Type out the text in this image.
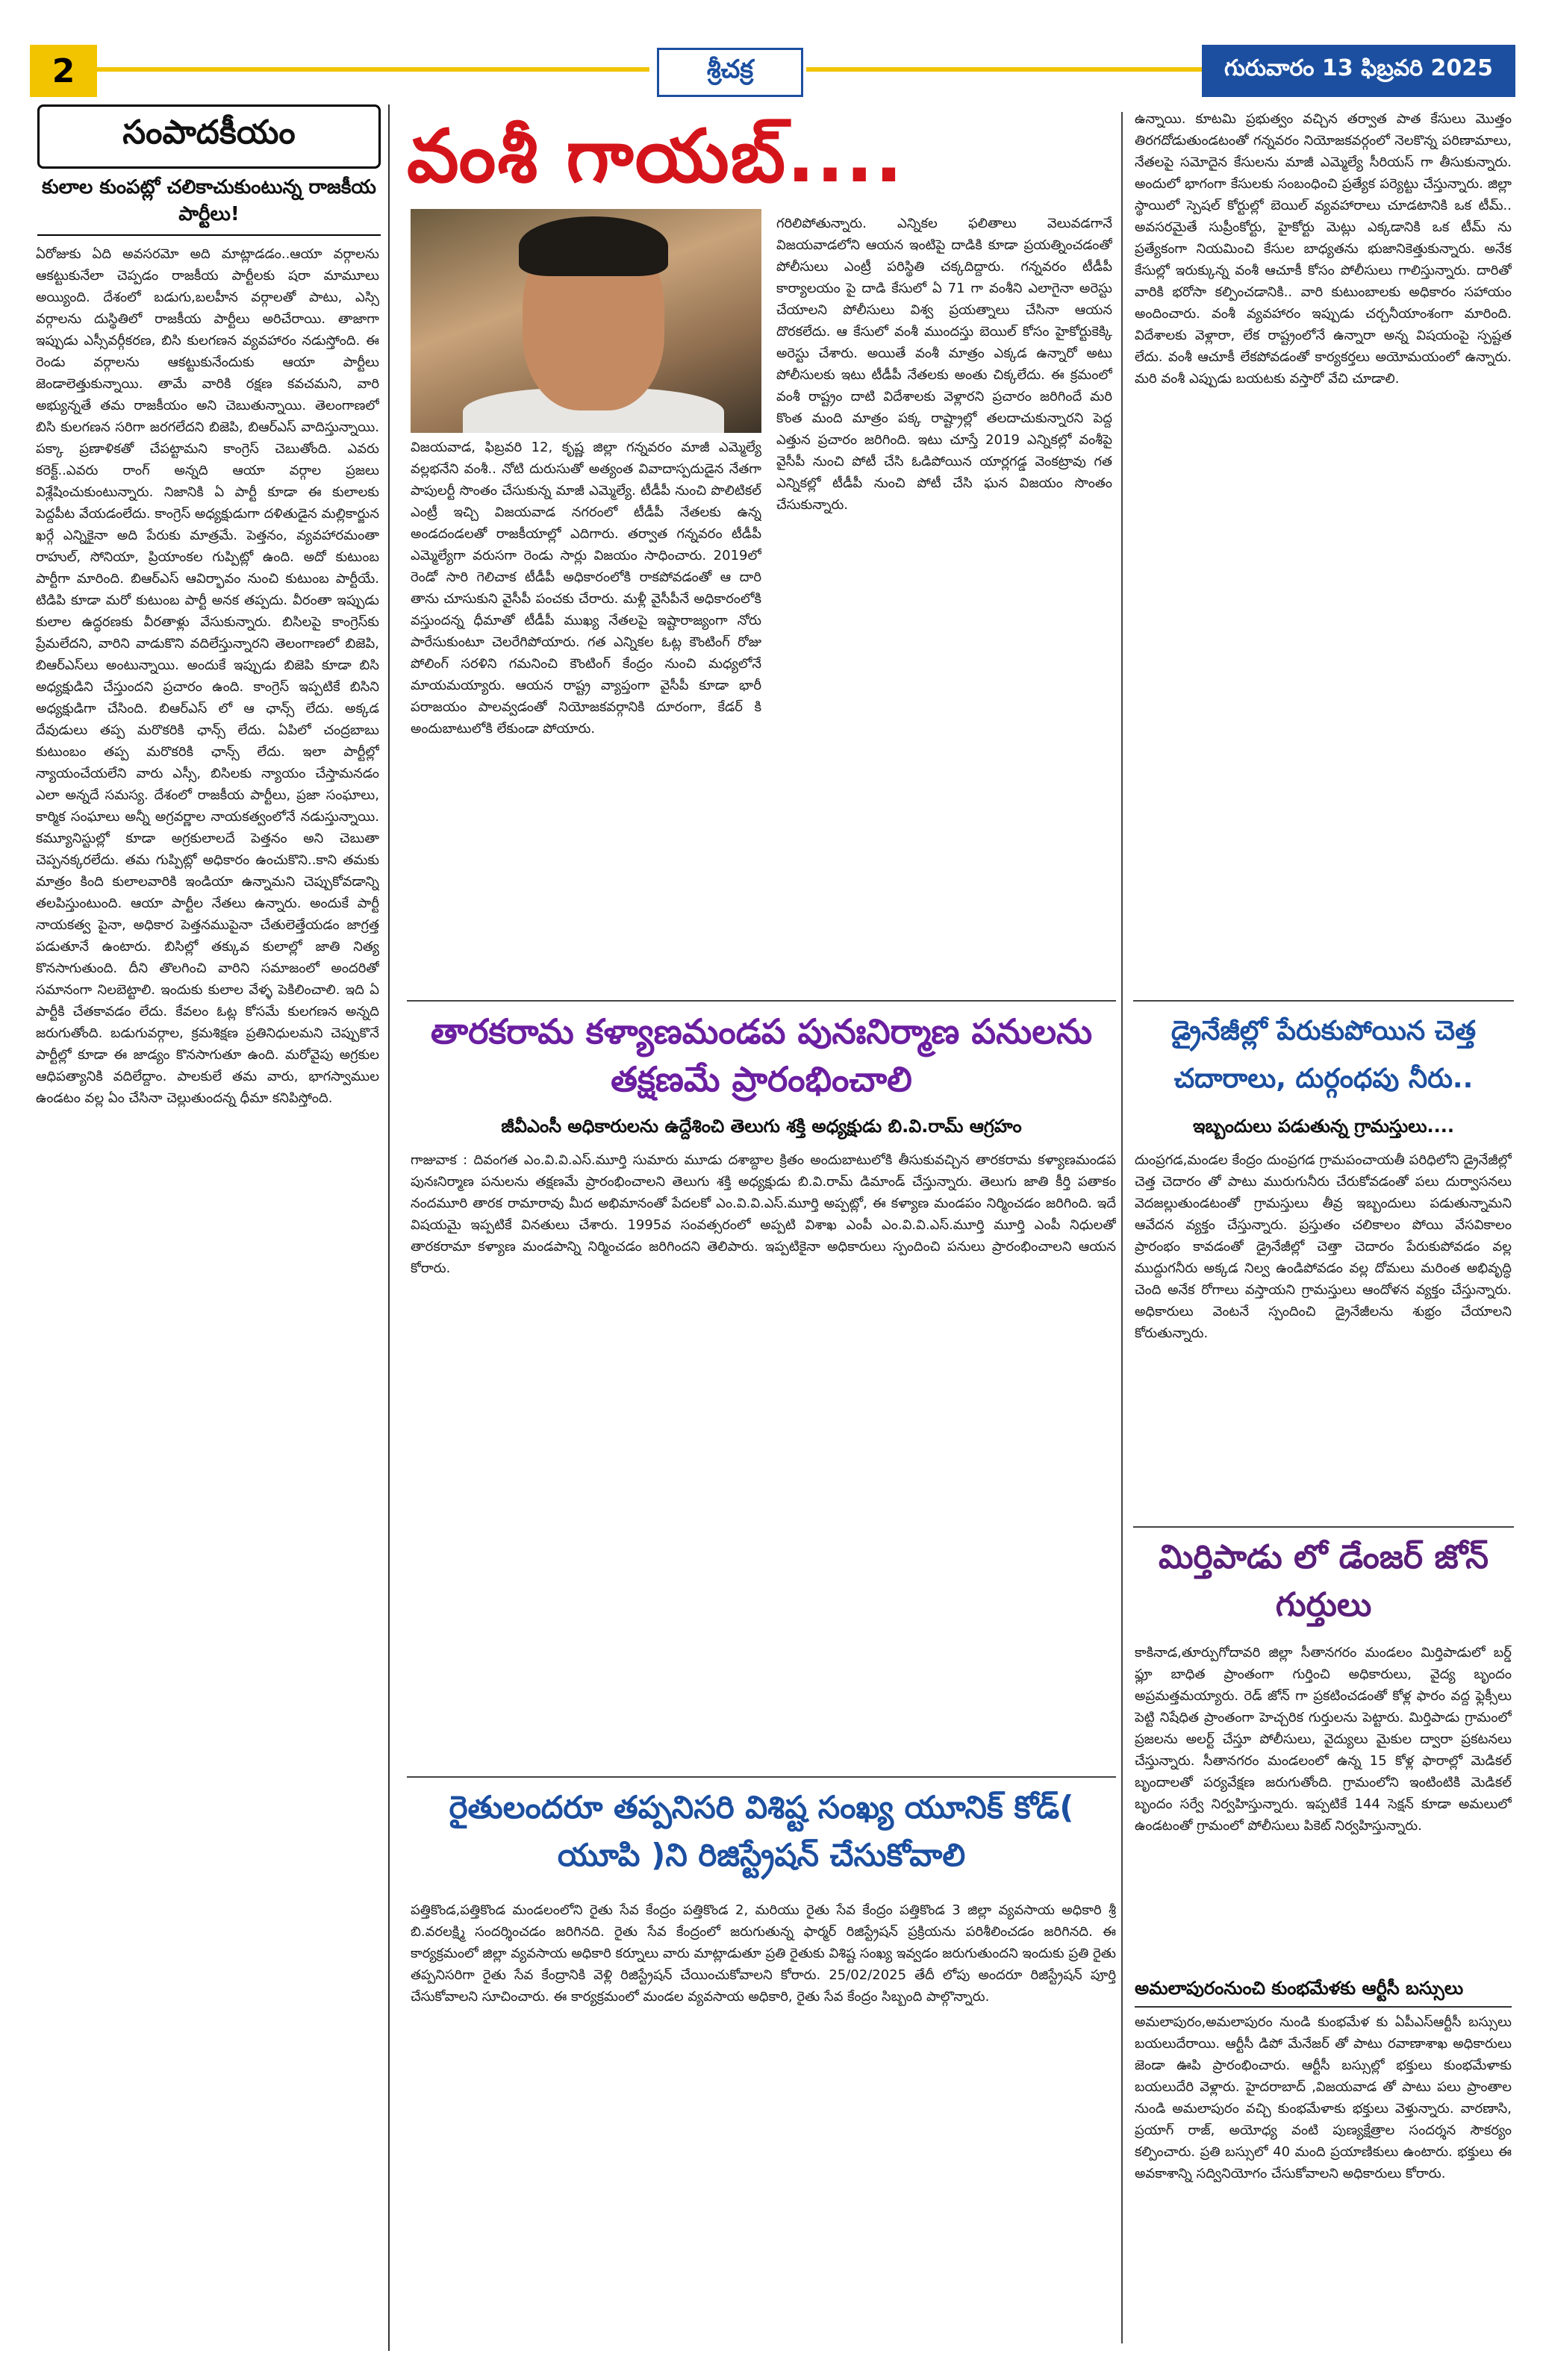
2	శ్రీచక్ర	గురువారం 13 ఫిబ్రవరి 2025
సంపాదకీయం
కులాల కుంపట్లో చలికాచుకుంటున్న రాజకీయ పార్టీలు!
ఏరోజుకు ఏది అవసరమో అది మాట్లాడడం..ఆయా వర్గాలను ఆకట్టుకునేలా చెప్పడం రాజకీయ పార్టీలకు షరా మామూలు అయ్యింది. దేశంలో బడుగు,బలహీన వర్గాలతో పాటు, ఎస్సి వర్గాలను దుస్థితిలో రాజకీయ పార్టీలు అరిచేరాయి. తాజాగా ఇప్పుడు ఎస్సీవర్గీకరణ, బిసి కులగణన వ్యవహారం నడుస్తోంది. ఈ రెండు వర్గాలను ఆకట్టుకునేందుకు ఆయా పార్టీలు జెండాలెత్తుకున్నాయి. తామే వారికి రక్షణ కవచమని, వారి అభ్యున్నతే తమ రాజకీయం అని చెబుతున్నాయి. తెలంగాణలో బిసి కులగణన సరిగా జరగలేదని బిజెపి, బిఆర్ఎస్ వాదిస్తున్నాయి. పక్కా ప్రణాళికతో చేపట్టామని కాంగ్రెస్ చెబుతోంది. ఎవరు కరెక్ట్..ఎవరు రాంగ్ అన్నది ఆయా వర్గాల ప్రజలు విశ్లేషించుకుంటున్నారు. నిజానికి ఏ పార్టీ కూడా ఈ కులాలకు పెద్దపీట వేయడంలేదు. కాంగ్రెస్ అధ్యక్షుడుగా దళితుడైన మల్లికార్జున ఖర్గే ఎన్నికైనా అది పేరుకు మాత్రమే. పెత్తనం, వ్యవహారమంతా రాహుల్, సోనియా, ప్రియాంకల గుప్పిట్లో ఉంది. అదో కుటుంబ పార్టీగా మారింది. బిఆర్ఎస్ ఆవిర్భావం నుంచి కుటుంబ పార్టీయే. టిడిపి కూడా మరో కుటుంబ పార్టీ అనక తప్పదు. వీరంతా ఇప్పుడు కులాల ఉద్ధరణకు వీరతాళ్లు వేసుకున్నారు. బిసిలపై కాంగ్రెస్‌కు ప్రేమలేదని, వారిని వాడుకొని వదిలేస్తున్నారని తెలంగాణలో బిజెపి, బిఆర్ఎస్‌లు అంటున్నాయి. అందుకే ఇప్పుడు బిజెపి కూడా బిసి అధ్యక్షుడిని చేస్తుందని ప్రచారం ఉంది. కాంగ్రెస్ ఇప్పటికే బిసిని అధ్యక్షుడిగా చేసింది. బిఆర్ఎస్ లో ఆ ఛాన్స్ లేదు. అక్కడ దేవుడులు తప్ప మరొకరికి ఛాన్స్ లేదు. ఏపిలో చంద్రబాబు కుటుంబం తప్ప మరొకరికి ఛాన్స్ లేదు. ఇలా పార్టీల్లో న్యాయంచేయలేని వారు ఎస్సీ, బిసిలకు న్యాయం చేస్తామనడం ఎలా అన్నదే సమస్య. దేశంలో రాజకీయ పార్టీలు, ప్రజా సంఘాలు, కార్మిక సంఘాలు అన్నీ అగ్రవర్ణాల నాయకత్వంలోనే నడుస్తున్నాయి. కమ్యూనిస్టుల్లో కూడా అగ్రకులాలదే పెత్తనం అని చెబుతా చెప్పనక్కరలేదు. తమ గుప్పిట్లో అధికారం ఉంచుకొని..కాని తమకు మాత్రం కింది కులాలవారికి ఇండియా ఉన్నామని చెప్పుకోవడాన్ని తలపిస్తుంటుంది. ఆయా పార్టీల నేతలు ఉన్నారు. అందుకే పార్టీ నాయకత్వ పైనా, అధికార పెత్తనముపైనా చేతులెత్తేయడం జాగ్రత్త పడుతూనే ఉంటారు. బిసిల్లో తక్కువ కులాల్లో జాతి నిత్య కొనసాగుతుంది. దీని తొలగించి వారిని సమాజంలో అందరితో సమానంగా నిలబెట్టాలి. ఇందుకు కులాల వేళ్ళ పెకిలించాలి. ఇది ఏ పార్టీకి చేతకావడం లేదు. కేవలం ఓట్ల కోసమే కులగణన అన్నది జరుగుతోంది. బడుగువర్గాల, క్రమశిక్షణ ప్రతినిధులమని చెప్పుకొనే పార్టీల్లో కూడా ఈ జాడ్యం కొనసాగుతూ ఉంది. మరోవైపు అగ్రకుల ఆధిపత్యానికి వదిలేద్దాం. పాలకులే తమ వారు, భాగస్వాముల ఉండటం వల్ల ఏం చేసినా చెల్లుతుందన్న ధీమా కనిపిస్తోంది.
వంశీ గాయబ్....
విజయవాడ, ఫిబ్రవరి 12, కృష్ణ జిల్లా గన్నవరం మాజీ ఎమ్మెల్యే వల్లభనేని వంశీ.. నోటి దురుసుతో అత్యంత వివాదాస్పదుడైన నేతగా పాపులర్టీ సొంతం చేసుకున్న మాజీ ఎమ్మెల్యే. టీడీపీ నుంచి పొలిటికల్ ఎంట్రీ ఇచ్చి విజయవాడ నగరంలో టీడీపీ నేతలకు ఉన్న అండదండలతో రాజకీయాల్లో ఎదిగారు. తర్వాత గన్నవరం టీడీపీ ఎమ్మెల్యేగా వరుసగా రెండు సార్లు విజయం సాధించారు. 2019లో రెండో సారి గెలిచాక టీడీపీ అధికారంలోకి రాకపోవడంతో ఆ దారి తాను చూసుకుని వైసీపీ పంచకు చేరారు. మళ్లీ వైసీపీనే అధికారంలోకి వస్తుందన్న ధీమాతో టీడీపీ ముఖ్య నేతలపై ఇష్టారాజ్యంగా నోరు పారేసుకుంటూ చెలరేగిపోయారు. గత ఎన్నికల ఓట్ల కౌంటింగ్ రోజు పోలింగ్ సరళిని గమనించి కౌంటింగ్ కేంద్రం నుంచి మధ్యలోనే మాయమయ్యారు. ఆయన రాష్ట్ర వ్యాప్తంగా వైసీపీ కూడా భారీ పరాజయం పాలవ్వడంతో నియోజకవర్గానికి దూరంగా, కేడర్ కి అందుబాటులోకి లేకుండా పోయారు.
గరిలిపోతున్నారు. ఎన్నికల ఫలితాలు వెలువడగానే విజయవాడలోని ఆయన ఇంటిపై దాడికి కూడా ప్రయత్నించడంతో పోలీసులు ఎంట్రీ పరిస్థితి చక్కదిద్దారు. గన్నవరం టీడీపీ కార్యాలయం పై దాడి కేసులో ఏ 71 గా వంశీని ఎలాగైనా అరెస్టు చేయాలని పోలీసులు విశ్వ ప్రయత్నాలు చేసినా ఆయన దొరకలేదు. ఆ కేసులో వంశీ ముందస్తు బెయిల్ కోసం హైకోర్టుకెక్కి అరెస్టు చేశారు. అయితే వంశీ మాత్రం ఎక్కడ ఉన్నారో అటు పోలీసులకు ఇటు టీడీపీ నేతలకు అంతు చిక్కలేదు. ఈ క్రమంలో వంశీ రాష్ట్రం దాటి విదేశాలకు వెళ్లారని ప్రచారం జరిగిందే మరి కొంత మంది మాత్రం పక్క రాష్ట్రాల్లో తలదాచుకున్నారని పెద్ద ఎత్తున ప్రచారం జరిగింది. ఇటు చూస్తే 2019 ఎన్నికల్లో వంశీపై వైసీపీ నుంచి పోటీ చేసి ఓడిపోయిన యార్లగడ్డ వెంకట్రావు గత ఎన్నికల్లో టీడీపీ నుంచి పోటీ చేసి ఘన విజయం సొంతం చేసుకున్నారు.
ఉన్నాయి. కూటమి ప్రభుత్వం వచ్చిన తర్వాత పాత కేసులు మొత్తం తిరగదోడుతుండటంతో గన్నవరం నియోజకవర్గంలో నెలకొన్న పరిణామాలు, నేతలపై సమోదైన కేసులను మాజీ ఎమ్మెల్యే సీరియస్ గా తీసుకున్నారు. అందులో భాగంగా కేసులకు సంబంధించి ప్రత్యేక పర్యెట్టు చేస్తున్నారు. జిల్లా స్థాయిలో స్పెషల్ కోర్టుల్లో బెయిల్ వ్యవహారాలు చూడటానికి ఒక టీమ్.. అవసరమైతే సుప్రీంకోర్టు, హైకోర్టు మెట్లు ఎక్కడానికి ఒక టీమ్ ను ప్రత్యేకంగా నియమించి కేసుల బాధ్యతను భుజానికెత్తుకున్నారు. అనేక కేసుల్లో ఇరుక్కున్న వంశీ ఆచూకీ కోసం పోలీసులు గాలిస్తున్నారు. దారితో వారికి భరోసా కల్పించడానికి.. వారి కుటుంబాలకు అధికారం సహాయం అందించారు. వంశీ వ్యవహారం ఇప్పుడు చర్చనీయాంశంగా మారింది. విదేశాలకు వెళ్లారా, లేక రాష్ట్రంలోనే ఉన్నారా అన్న విషయంపై స్పష్టత లేదు. వంశీ ఆచూకీ లేకపోవడంతో కార్యకర్తలు అయోమయంలో ఉన్నారు. మరి వంశీ ఎప్పుడు బయటకు వస్తారో వేచి చూడాలి.
తారకరామ కళ్యాణమండప పునఃనిర్మాణ పనులను తక్షణమే ప్రారంభించాలి
జీవీఎంసీ అధికారులను ఉద్దేశించి తెలుగు శక్తి అధ్యక్షుడు బి.వి.రామ్ ఆగ్రహం
గాజువాక : దివంగత ఎం.వి.వి.ఎస్.మూర్తి సుమారు మూడు దశాబ్దాల క్రితం అందుబాటులోకి తీసుకువచ్చిన తారకరామ కళ్యాణమండప పునఃనిర్మాణ పనులను తక్షణమే ప్రారంభించాలని తెలుగు శక్తి అధ్యక్షుడు బి.వి.రామ్ డిమాండ్ చేస్తున్నారు. తెలుగు జాతి కీర్తి పతాకం నందమూరి తారక రామారావు మీద అభిమానంతో పేదలకో ఎం.వి.వి.ఎస్.మూర్తి అప్పట్లో, ఈ కళ్యాణ మండపం నిర్మించడం జరిగింది. ఇదే విషయమై ఇప్పటికే వినతులు చేశారు. 1995వ సంవత్సరంలో అప్పటి విశాఖ ఎంపీ ఎం.వి.వి.ఎస్.మూర్తి మూర్తి ఎంపీ నిధులతో తారకరామా కళ్యాణ మండపాన్ని నిర్మించడం జరిగిందని తెలిపారు. ఇప్పటికైనా అధికారులు స్పందించి పనులు ప్రారంభించాలని ఆయన కోరారు.
రైతులందరూ తప్పనిసరి విశిష్ట సంఖ్య యూనిక్ కోడ్( యూపి )ని రిజిస్ట్రేషన్ చేసుకోవాలి
పత్తికొండ,పత్తికొండ మండలంలోని రైతు సేవ కేంద్రం పత్తికొండ 2, మరియు రైతు సేవ కేంద్రం పత్తికొండ 3 జిల్లా వ్యవసాయ అధికారి శ్రీ బి.వరలక్ష్మి సందర్శించడం జరిగినది. రైతు సేవ కేంద్రంలో జరుగుతున్న ఫార్మర్ రిజిస్ట్రేషన్ ప్రక్రియను పరిశీలించడం జరిగినది. ఈ కార్యక్రమంలో జిల్లా వ్యవసాయ అధికారి కర్నూలు వారు మాట్లాడుతూ ప్రతి రైతుకు విశిష్ట సంఖ్య ఇవ్వడం జరుగుతుందని ఇందుకు ప్రతి రైతు తప్పనిసరిగా రైతు సేవ కేంద్రానికి వెళ్లి రిజిస్ట్రేషన్ చేయించుకోవాలని కోరారు. 25/02/2025 తేదీ లోపు అందరూ రిజిస్ట్రేషన్ పూర్తి చేసుకోవాలని సూచించారు. ఈ కార్యక్రమంలో మండల వ్యవసాయ అధికారి, రైతు సేవ కేంద్రం సిబ్బంది పాల్గొన్నారు.
డ్రైనేజీల్లో పేరుకుపోయిన చెత్త చదారాలు, దుర్గంధపు నీరు..
ఇబ్బందులు పడుతున్న గ్రామస్తులు....
దుంప్రగడ,మండల కేంద్రం దుంప్రగడ గ్రామపంచాయతీ పరిధిలోని డ్రైనేజీల్లో చెత్త చెదారం తో పాటు మురుగునీరు చేరుకోవడంతో పలు దుర్వాసనలు వెదజల్లుతుండటంతో గ్రామస్తులు తీవ్ర ఇబ్బందులు పడుతున్నామని ఆవేదన వ్యక్తం చేస్తున్నారు. ప్రస్తుతం చలికాలం పోయి వేసవికాలం ప్రారంభం కావడంతో డ్రైనేజీల్లో చెత్తా చెదారం పేరుకుపోవడం వల్ల ముద్దుగనీరు అక్కడ నిల్వ ఉండిపోవడం వల్ల దోమలు మరింత అభివృద్ధి చెంది అనేక రోగాలు వస్తాయని గ్రామస్తులు ఆందోళన వ్యక్తం చేస్తున్నారు. అధికారులు వెంటనే స్పందించి డ్రైనేజీలను శుభ్రం చేయాలని కోరుతున్నారు.
మిర్తిపాడు లో డేంజర్ జోన్ గుర్తులు
కాకినాడ,తూర్పుగోదావరి జిల్లా సీతానగరం మండలం మిర్తిపాడులో బర్డ్ ఫ్లూ బాధిత ప్రాంతంగా గుర్తించి అధికారులు, వైద్య బృందం అప్రమత్తమయ్యారు. రెడ్ జోన్ గా ప్రకటించడంతో కోళ్ల ఫారం వద్ద ఫ్లెక్సీలు పెట్టి నిషేధిత ప్రాంతంగా హెచ్చరిక గుర్తులను పెట్టారు. మిర్తిపాడు గ్రామంలో ప్రజలను అలర్ట్ చేస్తూ పోలీసులు, వైద్యులు మైకుల ద్వారా ప్రకటనలు చేస్తున్నారు. సీతానగరం మండలంలో ఉన్న 15 కోళ్ల ఫారాల్లో మెడికల్ బృందాలతో పర్యవేక్షణ జరుగుతోంది. గ్రామంలోని ఇంటింటికి మెడికల్ బృందం సర్వే నిర్వహిస్తున్నారు. ఇప్పటికే 144 సెక్షన్ కూడా అమలులో ఉండటంతో గ్రామంలో పోలీసులు పికెట్ నిర్వహిస్తున్నారు.
అమలాపురంనుంచి కుంభమేళకు ఆర్టీసీ బస్సులు
అమలాపురం,అమలాపురం నుండి కుంభమేళ కు ఏపీఎస్ఆర్టీసీ బస్సులు బయలుదేరాయి. ఆర్టీసీ డిపో మేనేజర్ తో పాటు రవాణాశాఖ అధికారులు జెండా ఊపి ప్రారంభించారు. ఆర్టీసీ బస్సుల్లో భక్తులు కుంభమేళాకు బయలుదేరి వెళ్లారు. హైదరాబాద్ ,విజయవాడ తో పాటు పలు ప్రాంతాల నుండి అమలాపురం వచ్చి కుంభమేళాకు భక్తులు వెళ్తున్నారు. వారణాసి, ప్రయాగ్ రాజ్, అయోధ్య వంటి పుణ్యక్షేత్రాల సందర్శన సౌకర్యం కల్పించారు. ప్రతి బస్సులో 40 మంది ప్రయాణికులు ఉంటారు. భక్తులు ఈ అవకాశాన్ని సద్వినియోగం చేసుకోవాలని అధికారులు కోరారు.
